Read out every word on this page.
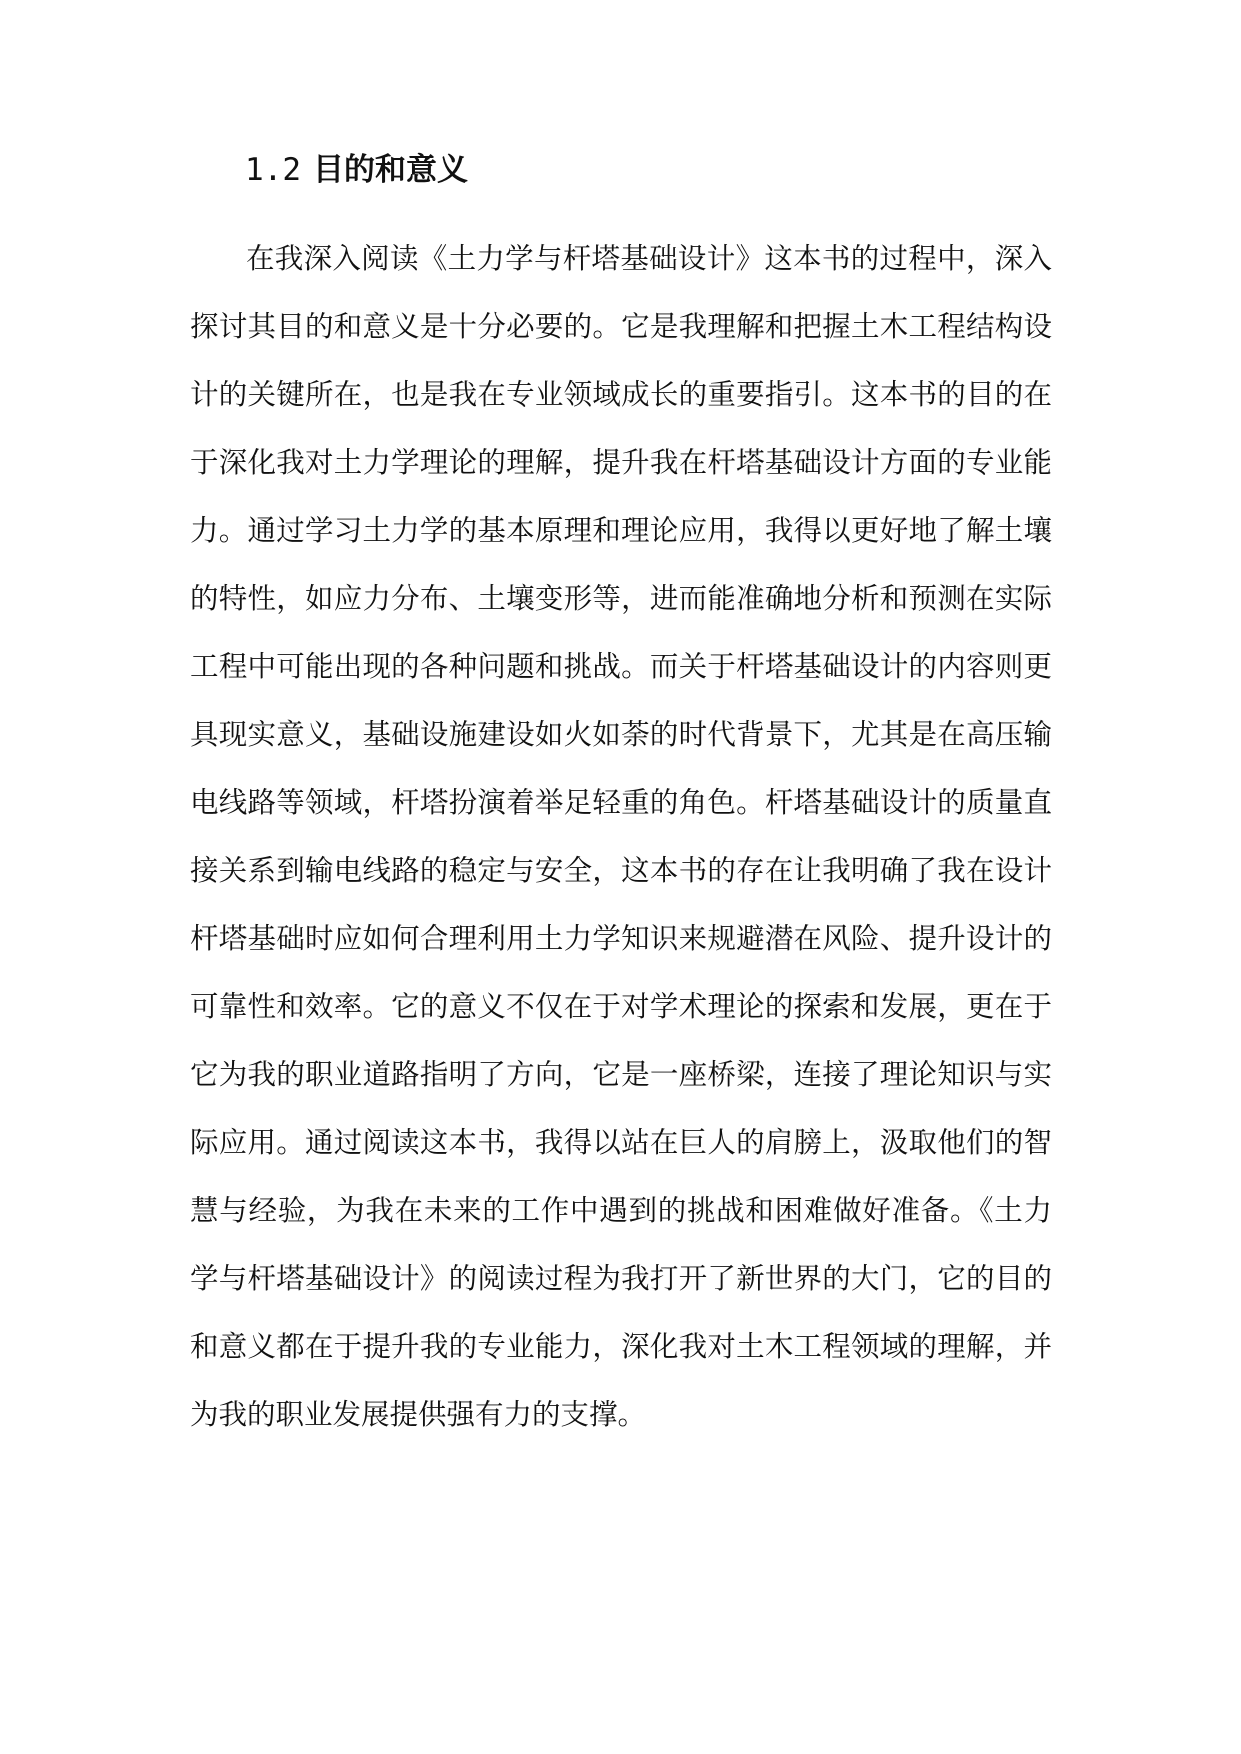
1.2 目的和意义
在我深入阅读《土力学与杆塔基础设计》这本书的过程中，深入
探讨其目的和意义是十分必要的。它是我理解和把握土木工程结构设
计的关键所在，也是我在专业领域成长的重要指引。这本书的目的在
于深化我对土力学理论的理解，提升我在杆塔基础设计方面的专业能
力。通过学习土力学的基本原理和理论应用，我得以更好地了解土壤
的特性，如应力分布、土壤变形等，进而能准确地分析和预测在实际
工程中可能出现的各种问题和挑战。而关于杆塔基础设计的内容则更
具现实意义，基础设施建设如火如荼的时代背景下，尤其是在高压输
电线路等领域，杆塔扮演着举足轻重的角色。杆塔基础设计的质量直
接关系到输电线路的稳定与安全，这本书的存在让我明确了我在设计
杆塔基础时应如何合理利用土力学知识来规避潜在风险、提升设计的
可靠性和效率。它的意义不仅在于对学术理论的探索和发展，更在于
它为我的职业道路指明了方向，它是一座桥梁，连接了理论知识与实
际应用。通过阅读这本书，我得以站在巨人的肩膀上，汲取他们的智
慧与经验，为我在未来的工作中遇到的挑战和困难做好准备。《土力
学与杆塔基础设计》的阅读过程为我打开了新世界的大门，它的目的
和意义都在于提升我的专业能力，深化我对土木工程领域的理解，并
为我的职业发展提供强有力的支撑。
